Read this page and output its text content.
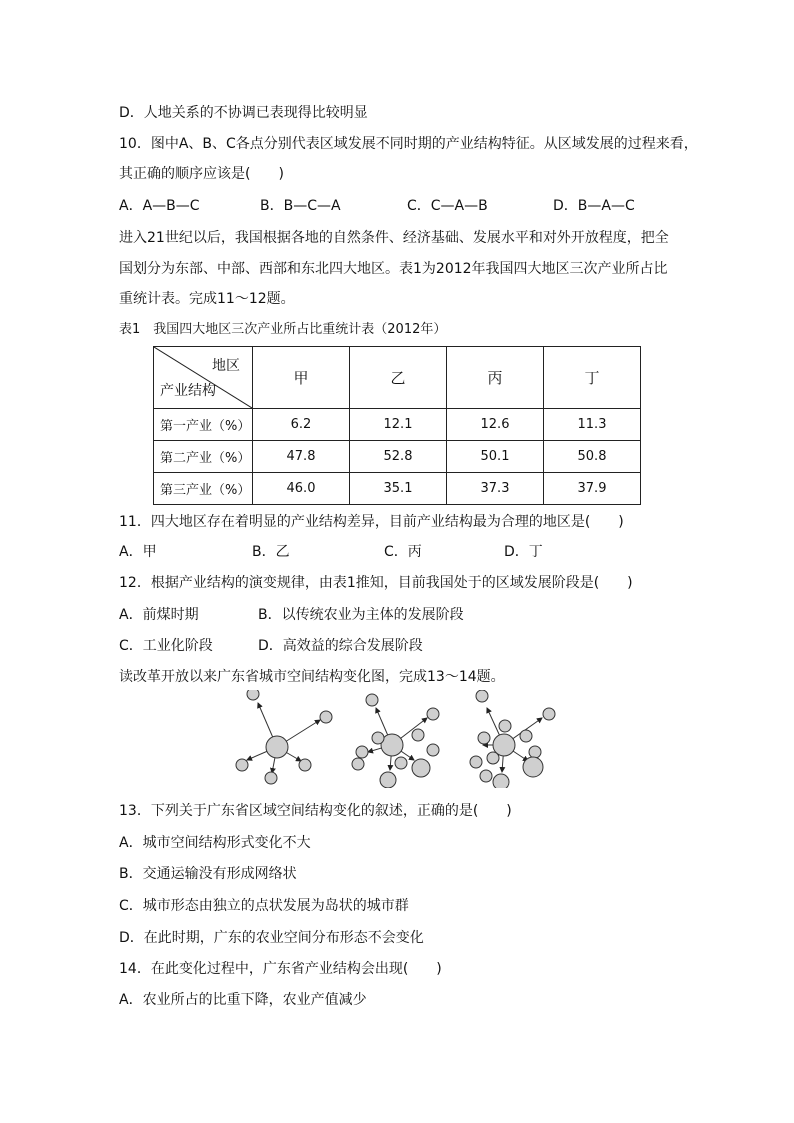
D．人地关系的不协调已表现得比较明显
10．图中A、B、C各点分别代表区域发展不同时期的产业结构特征。从区域发展的过程来看，
其正确的顺序应该是(　　)
A．A—B—C	B．B—C—A	C．C—A—B	D．B—A—C
进入21世纪以后，我国根据各地的自然条件、经济基础、发展水平和对外开放程度，把全
国划分为东部、中部、西部和东北四大地区。表1为2012年我国四大地区三次产业所占比
重统计表。完成11～12题。
表1　我国四大地区三次产业所占比重统计表（2012年）
地区
产业结构	甲	乙	丙	丁
第一产业（%）	6.2	12.1	12.6	11.3
第二产业（%）	47.8	52.8	50.1	50.8
第三产业（%）	46.0	35.1	37.3	37.9
11．四大地区存在着明显的产业结构差异，目前产业结构最为合理的地区是(　　)
A．甲	B．乙	C．丙	D．丁
12．根据产业结构的演变规律，由表1推知，目前我国处于的区域发展阶段是(　　)
A．前煤时期	B．以传统农业为主体的发展阶段
C．工业化阶段	D．高效益的综合发展阶段
读改革开放以来广东省城市空间结构变化图，完成13～14题。
13．下列关于广东省区域空间结构变化的叙述，正确的是(　　)
A．城市空间结构形式变化不大
B．交通运输没有形成网络状
C．城市形态由独立的点状发展为岛状的城市群
D．在此时期，广东的农业空间分布形态不会变化
14．在此变化过程中，广东省产业结构会出现(　　)
A．农业所占的比重下降，农业产值减少
